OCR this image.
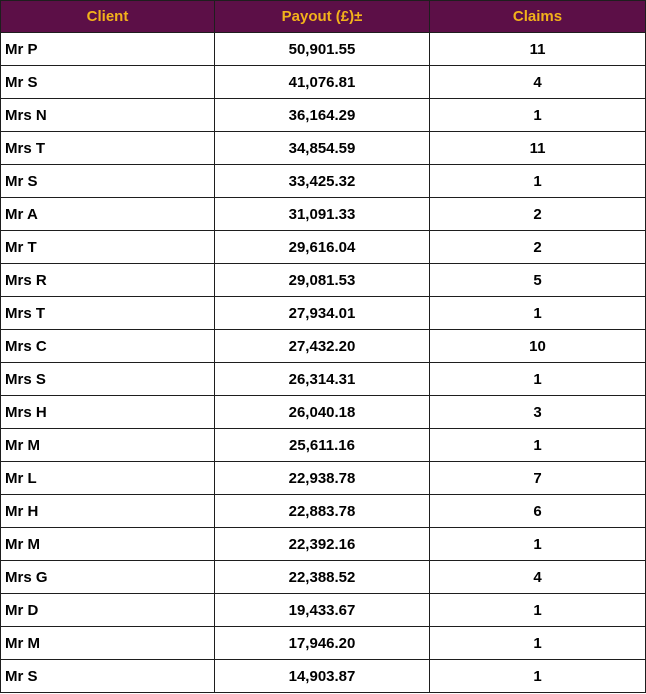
Client	Payout (£)±	Claims
Mr P	50,901.55	11
Mr S	41,076.81	4
Mrs N	36,164.29	1
Mrs T	34,854.59	11
Mr S	33,425.32	1
Mr A	31,091.33	2
Mr T	29,616.04	2
Mrs R	29,081.53	5
Mrs T	27,934.01	1
Mrs C	27,432.20	10
Mrs S	26,314.31	1
Mrs H	26,040.18	3
Mr M	25,611.16	1
Mr L	22,938.78	7
Mr H	22,883.78	6
Mr M	22,392.16	1
Mrs G	22,388.52	4
Mr D	19,433.67	1
Mr M	17,946.20	1
Mr S	14,903.87	1
